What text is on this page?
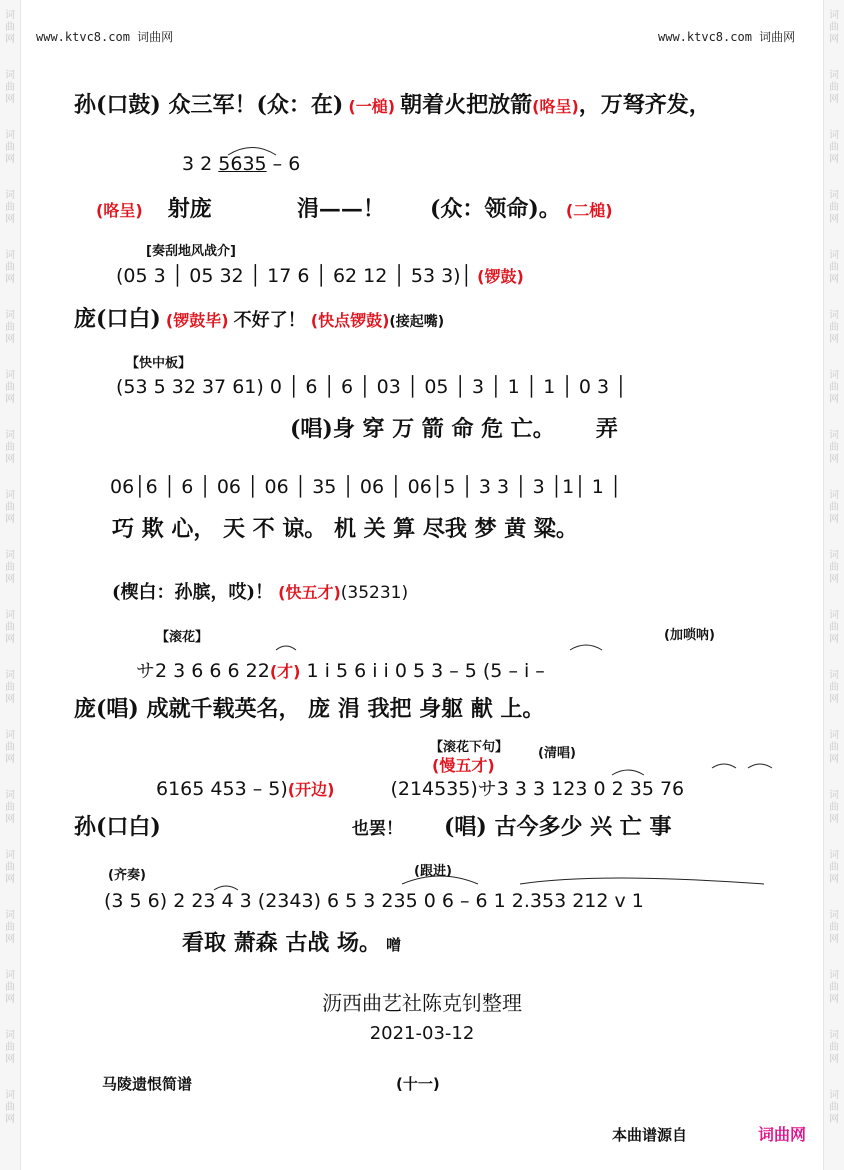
词
曲
网
词
曲
网
词
曲
网
词
曲
网
词
曲
网
词
曲
网
词
曲
网
词
曲
网
词
曲
网
词
曲
网
词
曲
网
词
曲
网
词
曲
网
词
曲
网
词
曲
网
词
曲
网
词
曲
网
词
曲
网
词
曲
网
词
曲
网
词
曲
网
词
曲
网
词
曲
网
词
曲
网
词
曲
网
词
曲
网
词
曲
网
词
曲
网
词
曲
网
词
曲
网
词
曲
网
词
曲
网
词
曲
网
词
曲
网
词
曲
网
词
曲
网
词
曲
网
词
曲
网
www.ktvc8.com 词曲网	www.ktvc8.com 词曲网
孙(口鼓) 众三军！(众：在) (一槌) 朝着火把放箭(咯呈)，万弩齐发，
3 2 5635 – 6
(咯呈) 射庞	涓——！ (众：领命)。 (二槌)
[奏刮地风战介]
(05 3 │ 05 32 │ 17 6 │ 62 12 │ 53 3)│ (锣鼓)
庞(口白) (锣鼓毕) 不好了！ (快点锣鼓)(接起嘴)
【快中板】
(53 5 32 37 61) 0 │ 6 │ 6 │ 03 │ 05 │ 3 │ 1 │ 1 │ 0 3 │
(唱)身 穿 万 箭 命 危 亡。 弄
06│6 │ 6 │ 06 │ 06 │ 35 │ 06 │ 06│5 │ 3 3 │ 3 │1│ 1 │
巧 欺 心， 天 不 谅。 机 关 算 尽我 梦 黄 粱。
(楔白：孙膑，哎)！ (快五才)(35231)
【滚花】	(加唢呐)
サ2 3 6 6 6 22(才) 1 i 5 6 i i 0 5 3 – 5 (5 – i –
庞(唱) 成就千载英名， 庞 涓 我把 身躯 献 上。
【滚花下句】
(慢五才)
(清唱)
6165 453 – 5)(开边)	(214535)サ3 3 3 123 0 2 35 76
孙(口白)	也罢！ (唱) 古今多少 兴 亡 事
(齐奏)	(跟进)
(3 5 6) 2 23 4 3 (2343) 6 5 3 235 0 6 – 6 1 2.353 212 v 1
看取 萧森 古战 场。 噌
沥西曲艺社陈克钊整理
2021-03-12
马陵遗恨简谱	(十一)
本曲谱源自	词曲网
